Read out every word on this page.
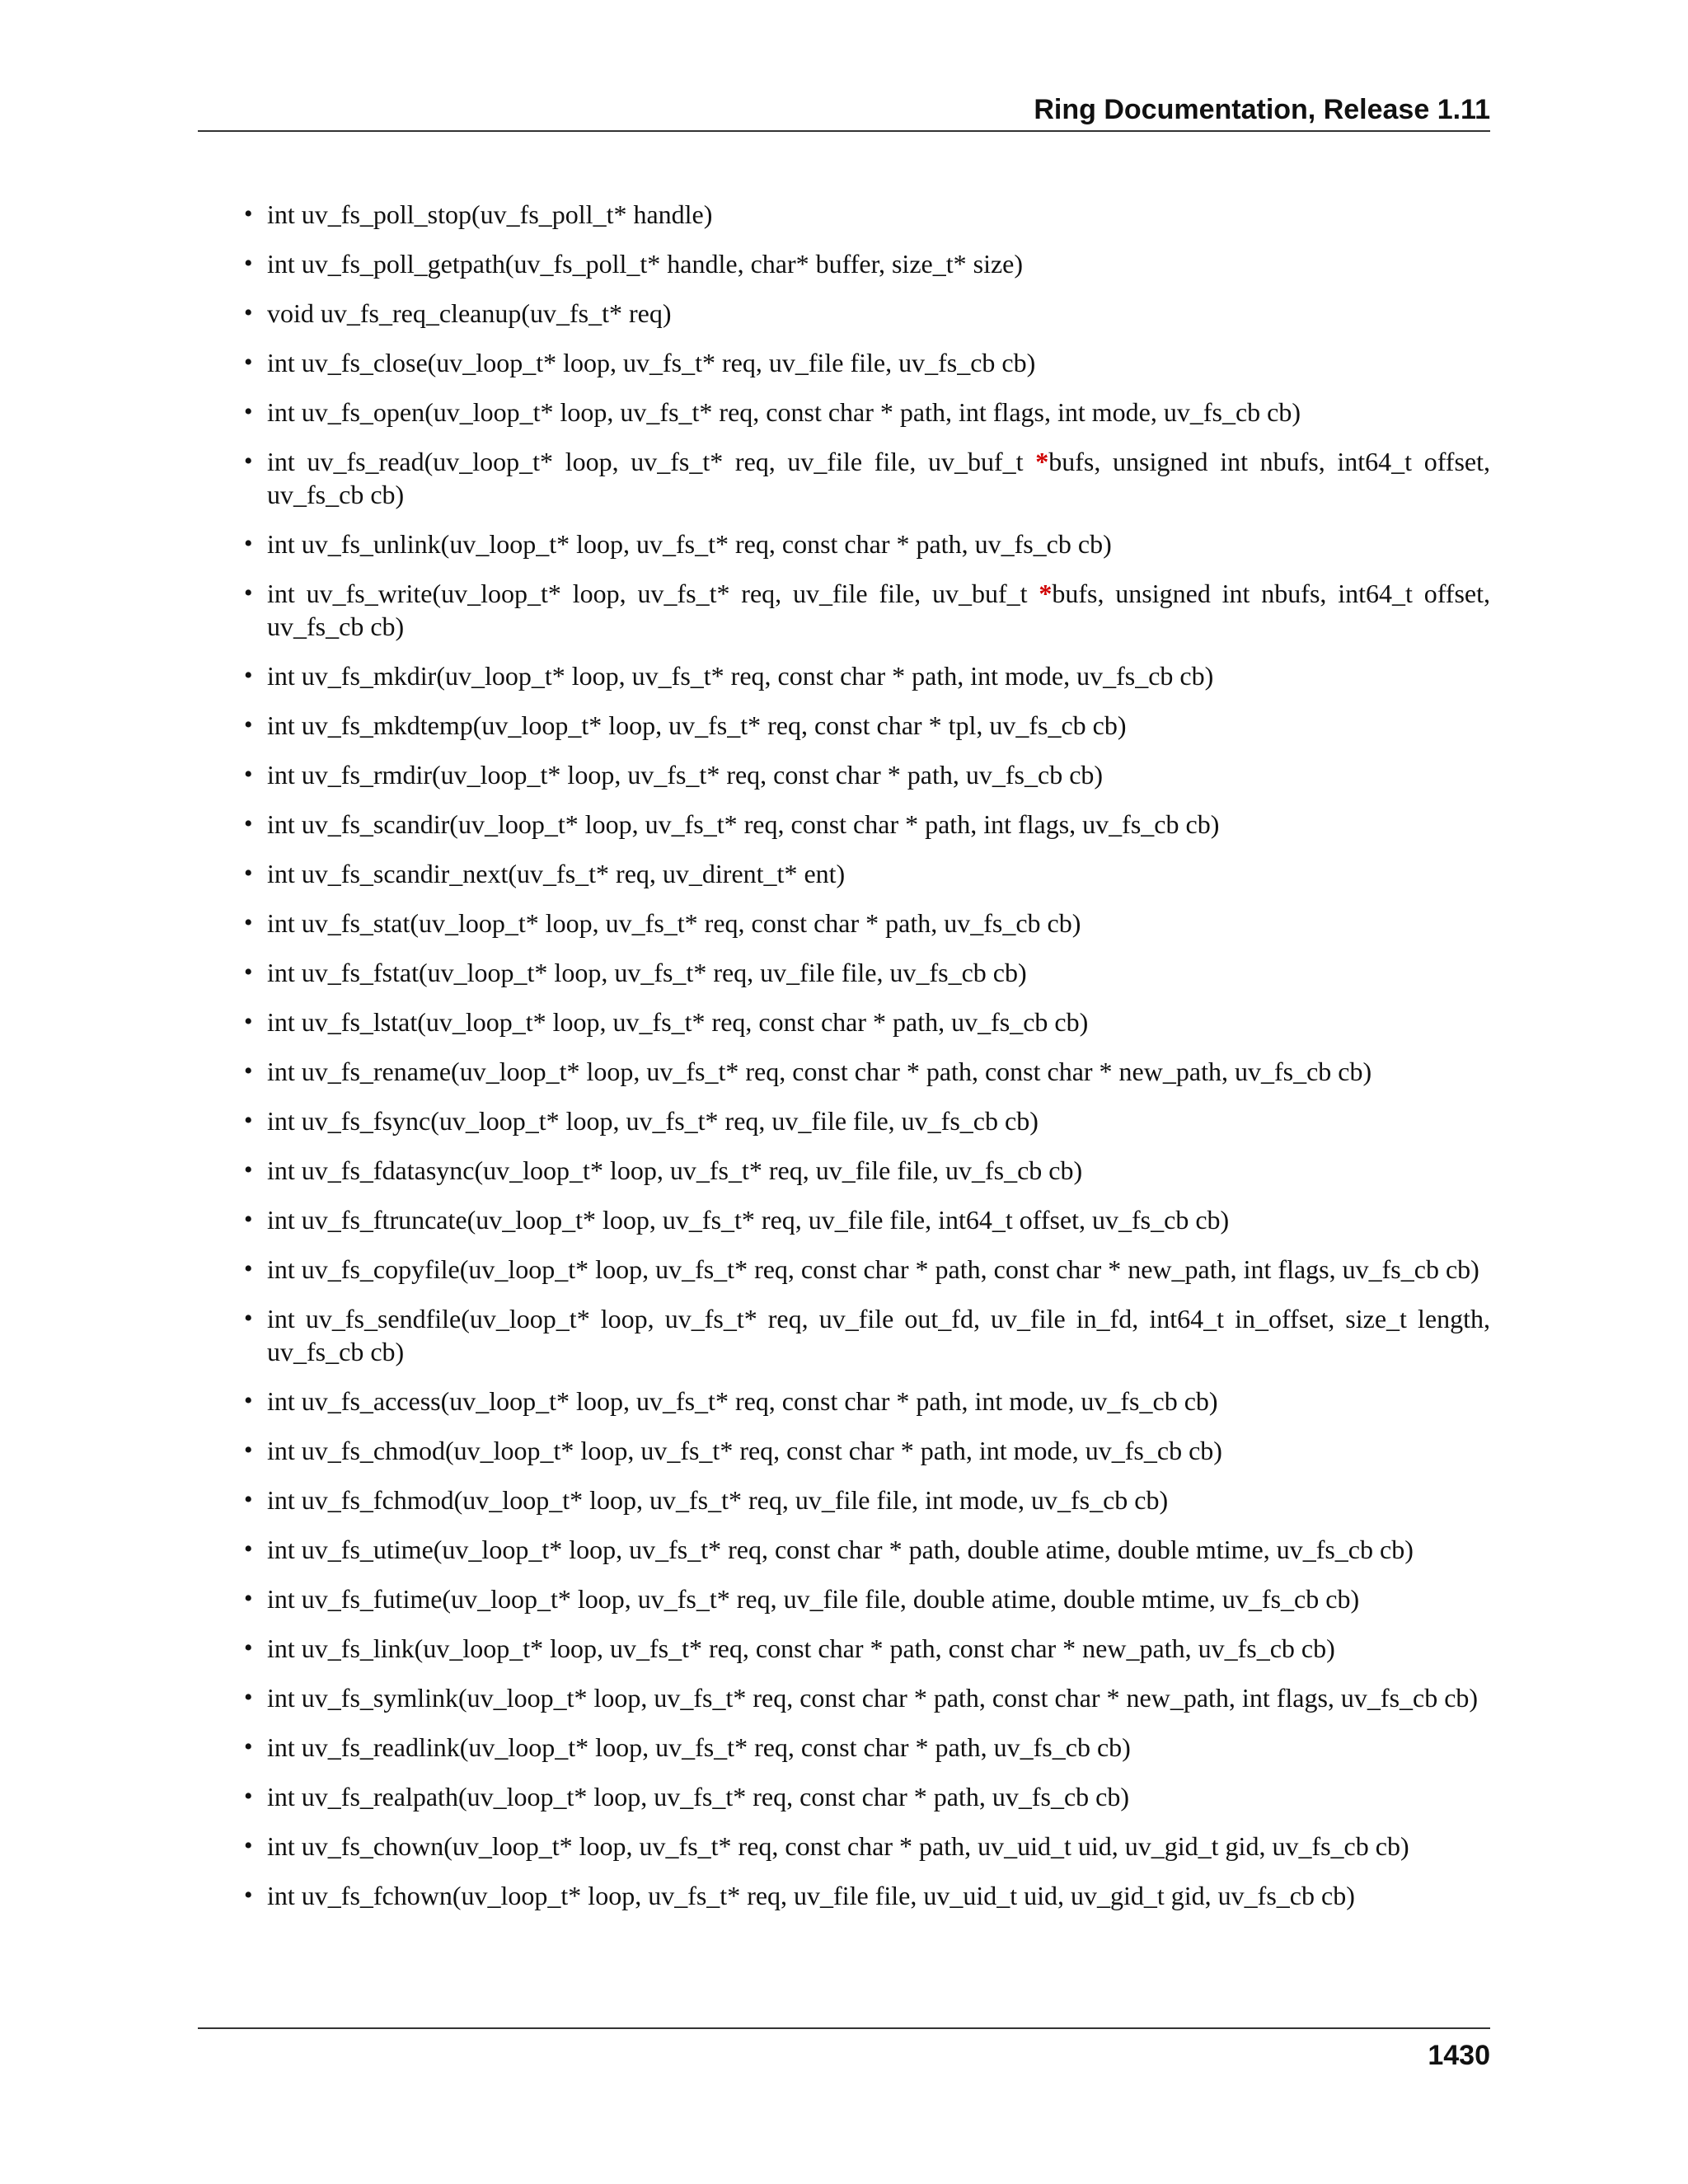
Ring Documentation, Release 1.11
• int uv_fs_poll_stop(uv_fs_poll_t* handle)
• int uv_fs_poll_getpath(uv_fs_poll_t* handle, char* buffer, size_t* size)
• void uv_fs_req_cleanup(uv_fs_t* req)
• int uv_fs_close(uv_loop_t* loop, uv_fs_t* req, uv_file file, uv_fs_cb cb)
• int uv_fs_open(uv_loop_t* loop, uv_fs_t* req, const char * path, int flags, int mode, uv_fs_cb cb)
• int uv_fs_read(uv_loop_t* loop, uv_fs_t* req, uv_file file, uv_buf_t *bufs, unsigned int nbufs, int64_t offset, uv_fs_cb cb)
• int uv_fs_unlink(uv_loop_t* loop, uv_fs_t* req, const char * path, uv_fs_cb cb)
• int uv_fs_write(uv_loop_t* loop, uv_fs_t* req, uv_file file, uv_buf_t *bufs, unsigned int nbufs, int64_t offset, uv_fs_cb cb)
• int uv_fs_mkdir(uv_loop_t* loop, uv_fs_t* req, const char * path, int mode, uv_fs_cb cb)
• int uv_fs_mkdtemp(uv_loop_t* loop, uv_fs_t* req, const char * tpl, uv_fs_cb cb)
• int uv_fs_rmdir(uv_loop_t* loop, uv_fs_t* req, const char * path, uv_fs_cb cb)
• int uv_fs_scandir(uv_loop_t* loop, uv_fs_t* req, const char * path, int flags, uv_fs_cb cb)
• int uv_fs_scandir_next(uv_fs_t* req, uv_dirent_t* ent)
• int uv_fs_stat(uv_loop_t* loop, uv_fs_t* req, const char * path, uv_fs_cb cb)
• int uv_fs_fstat(uv_loop_t* loop, uv_fs_t* req, uv_file file, uv_fs_cb cb)
• int uv_fs_lstat(uv_loop_t* loop, uv_fs_t* req, const char * path, uv_fs_cb cb)
• int uv_fs_rename(uv_loop_t* loop, uv_fs_t* req, const char * path, const char * new_path, uv_fs_cb cb)
• int uv_fs_fsync(uv_loop_t* loop, uv_fs_t* req, uv_file file, uv_fs_cb cb)
• int uv_fs_fdatasync(uv_loop_t* loop, uv_fs_t* req, uv_file file, uv_fs_cb cb)
• int uv_fs_ftruncate(uv_loop_t* loop, uv_fs_t* req, uv_file file, int64_t offset, uv_fs_cb cb)
• int uv_fs_copyfile(uv_loop_t* loop, uv_fs_t* req, const char * path, const char * new_path, int flags, uv_fs_cb cb)
• int uv_fs_sendfile(uv_loop_t* loop, uv_fs_t* req, uv_file out_fd, uv_file in_fd, int64_t in_offset, size_t length, uv_fs_cb cb)
• int uv_fs_access(uv_loop_t* loop, uv_fs_t* req, const char * path, int mode, uv_fs_cb cb)
• int uv_fs_chmod(uv_loop_t* loop, uv_fs_t* req, const char * path, int mode, uv_fs_cb cb)
• int uv_fs_fchmod(uv_loop_t* loop, uv_fs_t* req, uv_file file, int mode, uv_fs_cb cb)
• int uv_fs_utime(uv_loop_t* loop, uv_fs_t* req, const char * path, double atime, double mtime, uv_fs_cb cb)
• int uv_fs_futime(uv_loop_t* loop, uv_fs_t* req, uv_file file, double atime, double mtime, uv_fs_cb cb)
• int uv_fs_link(uv_loop_t* loop, uv_fs_t* req, const char * path, const char * new_path, uv_fs_cb cb)
• int uv_fs_symlink(uv_loop_t* loop, uv_fs_t* req, const char * path, const char * new_path, int flags, uv_fs_cb cb)
• int uv_fs_readlink(uv_loop_t* loop, uv_fs_t* req, const char * path, uv_fs_cb cb)
• int uv_fs_realpath(uv_loop_t* loop, uv_fs_t* req, const char * path, uv_fs_cb cb)
• int uv_fs_chown(uv_loop_t* loop, uv_fs_t* req, const char * path, uv_uid_t uid, uv_gid_t gid, uv_fs_cb cb)
• int uv_fs_fchown(uv_loop_t* loop, uv_fs_t* req, uv_file file, uv_uid_t uid, uv_gid_t gid, uv_fs_cb cb)
1430
